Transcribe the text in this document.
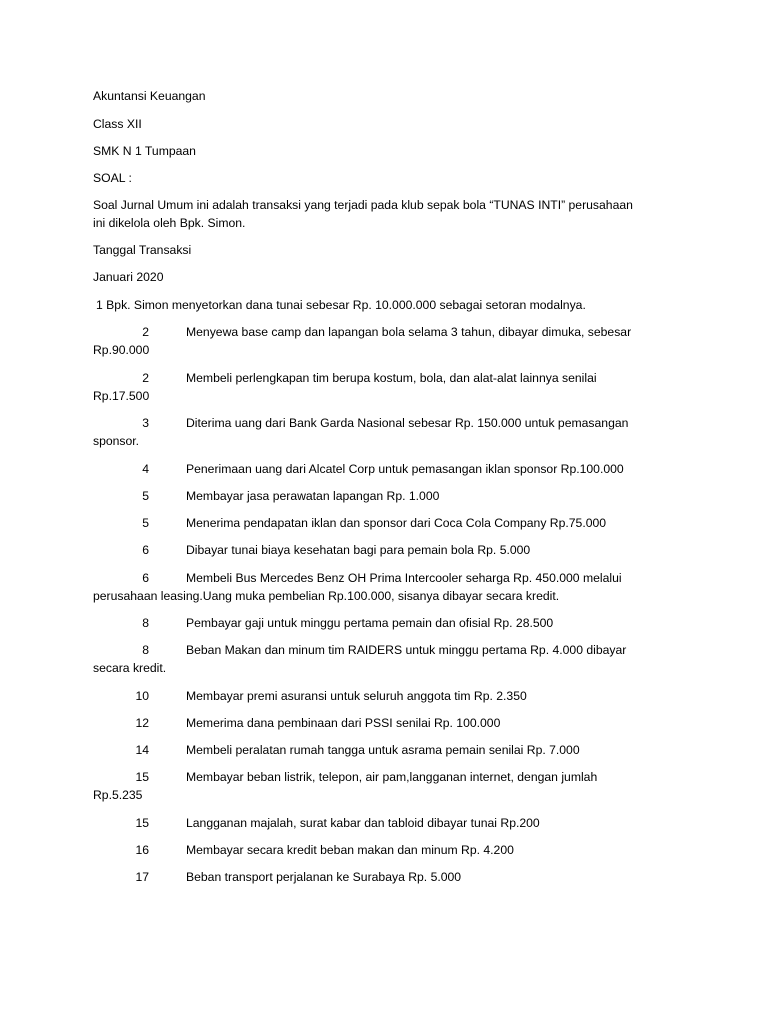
Akuntansi Keuangan
Class XII
SMK N 1 Tumpaan
SOAL :
Soal Jurnal Umum ini adalah transaksi yang terjadi pada klub sepak bola “TUNAS INTI” perusahaan
ini dikelola oleh Bpk. Simon.
Tanggal Transaksi
Januari 2020
1 Bpk. Simon menyetorkan dana tunai sebesar Rp. 10.000.000 sebagai setoran modalnya.
2	Menyewa base camp dan lapangan bola selama 3 tahun, dibayar dimuka, sebesar
Rp.90.000
2	Membeli perlengkapan tim berupa kostum, bola, dan alat-alat lainnya senilai
Rp.17.500
3	Diterima uang dari Bank Garda Nasional sebesar Rp. 150.000 untuk pemasangan
sponsor.
4	Penerimaan uang dari Alcatel Corp untuk pemasangan iklan sponsor Rp.100.000
5	Membayar jasa perawatan lapangan Rp. 1.000
5	Menerima pendapatan iklan dan sponsor dari Coca Cola Company Rp.75.000
6	Dibayar tunai biaya kesehatan bagi para pemain bola Rp. 5.000
6	Membeli Bus Mercedes Benz OH Prima Intercooler seharga Rp. 450.000 melalui
perusahaan leasing.Uang muka pembelian Rp.100.000, sisanya dibayar secara kredit.
8	Pembayar gaji untuk minggu pertama pemain dan ofisial Rp. 28.500
8	Beban Makan dan minum tim RAIDERS untuk minggu pertama Rp. 4.000 dibayar
secara kredit.
10	Membayar premi asuransi untuk seluruh anggota tim Rp. 2.350
12	Memerima dana pembinaan dari PSSI senilai Rp. 100.000
14	Membeli peralatan rumah tangga untuk asrama pemain senilai Rp. 7.000
15	Membayar beban listrik, telepon, air pam,langganan internet, dengan jumlah
Rp.5.235
15	Langganan majalah, surat kabar dan tabloid dibayar tunai Rp.200
16	Membayar secara kredit beban makan dan minum Rp. 4.200
17	Beban transport perjalanan ke Surabaya Rp. 5.000
